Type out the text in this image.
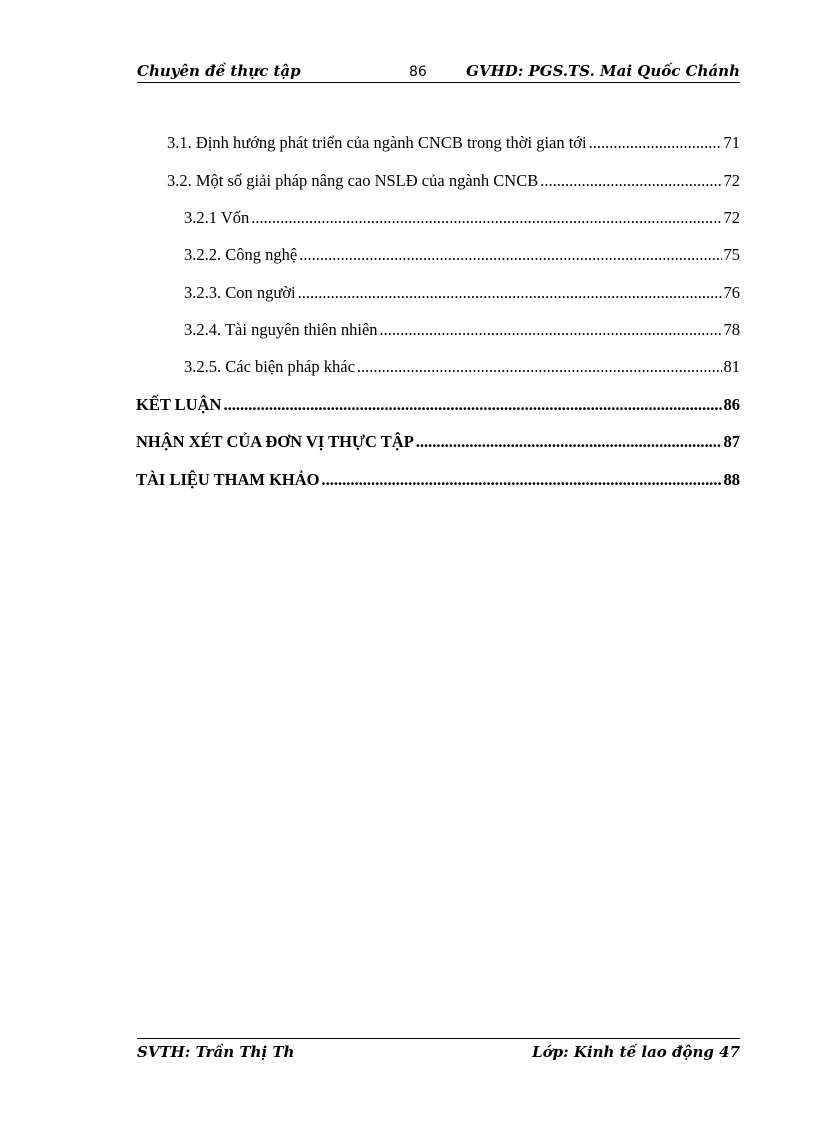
Chuyên đề thực tập	86	GVHD: PGS.TS. Mai Quốc Chánh
3.1. Định hướng phát triển của ngành CNCB trong thời gian tới .....	71
3.2. Một số giải pháp nâng cao NSLĐ của ngành CNCB .....	72
3.2.1 Vốn .....	72
3.2.2. Công nghệ .....	75
3.2.3. Con người .....	76
3.2.4. Tài nguyên thiên nhiên .....	78
3.2.5. Các biện pháp khác .....	81
KẾT LUẬN .....	86
NHẬN XÉT CỦA ĐƠN VỊ THỰC TẬP .....	87
TÀI LIỆU THAM KHẢO .....	88
SVTH: Trần Thị Th	Lớp: Kinh tế lao động 47
